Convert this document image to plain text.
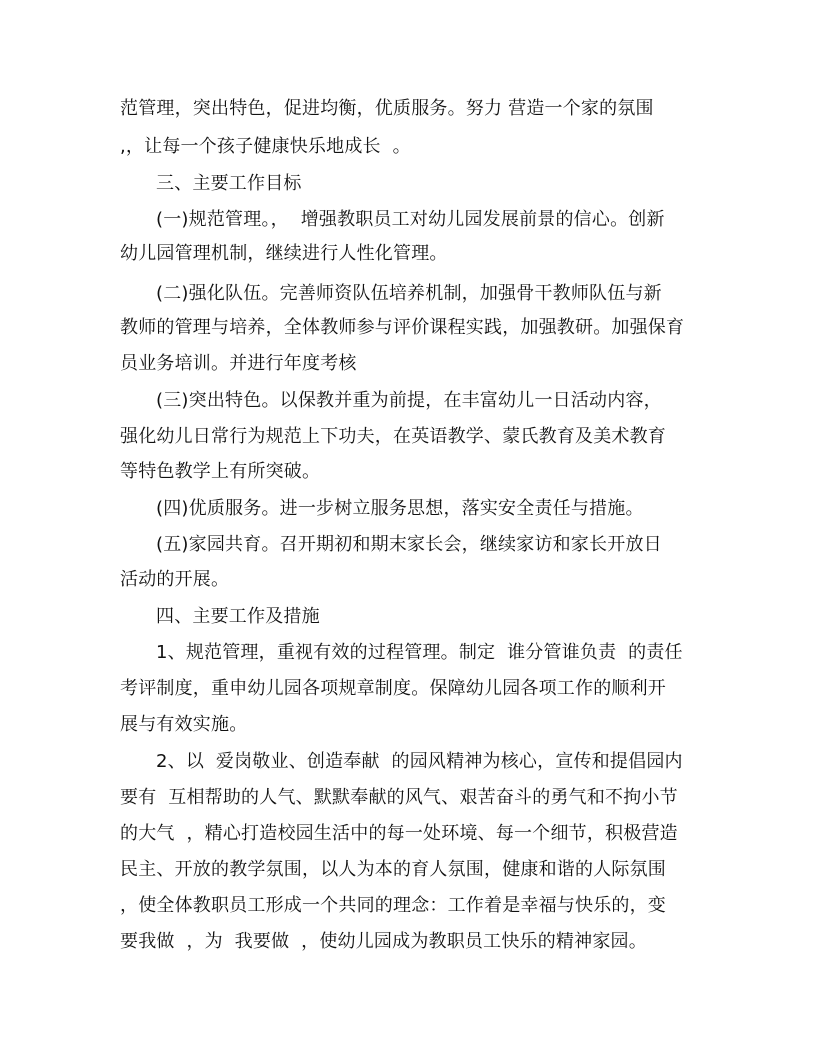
范管理，突出特色，促进均衡，优质服务。努力 营造一个家的氛围
,，让每一个孩子健康快乐地成长  。
三、主要工作目标
(一)规范管理。，  增强教职员工对幼儿园发展前景的信心。创新
幼儿园管理机制，继续进行人性化管理。
(二)强化队伍。完善师资队伍培养机制，加强骨干教师队伍与新
教师的管理与培养，全体教师参与评价课程实践，加强教研。加强保育
员业务培训。并进行年度考核
(三)突出特色。以保教并重为前提，在丰富幼儿一日活动内容，
强化幼儿日常行为规范上下功夫，在英语教学、蒙氏教育及美术教育
等特色教学上有所突破。
(四)优质服务。进一步树立服务思想，落实安全责任与措施。
(五)家园共育。召开期初和期末家长会，继续家访和家长开放日
活动的开展。
四、主要工作及措施
1、规范管理，重视有效的过程管理。制定  谁分管谁负责  的责任
考评制度，重申幼儿园各项规章制度。保障幼儿园各项工作的顺利开
展与有效实施。
2、以  爱岗敬业、创造奉献  的园风精神为核心，宣传和提倡园内
要有  互相帮助的人气、默默奉献的风气、艰苦奋斗的勇气和不拘小节
的大气  ，精心打造校园生活中的每一处环境、每一个细节，积极营造
民主、开放的教学氛围，以人为本的育人氛围，健康和谐的人际氛围
，使全体教职员工形成一个共同的理念：工作着是幸福与快乐的，变
要我做  ，为  我要做  ，使幼儿园成为教职员工快乐的精神家园。
